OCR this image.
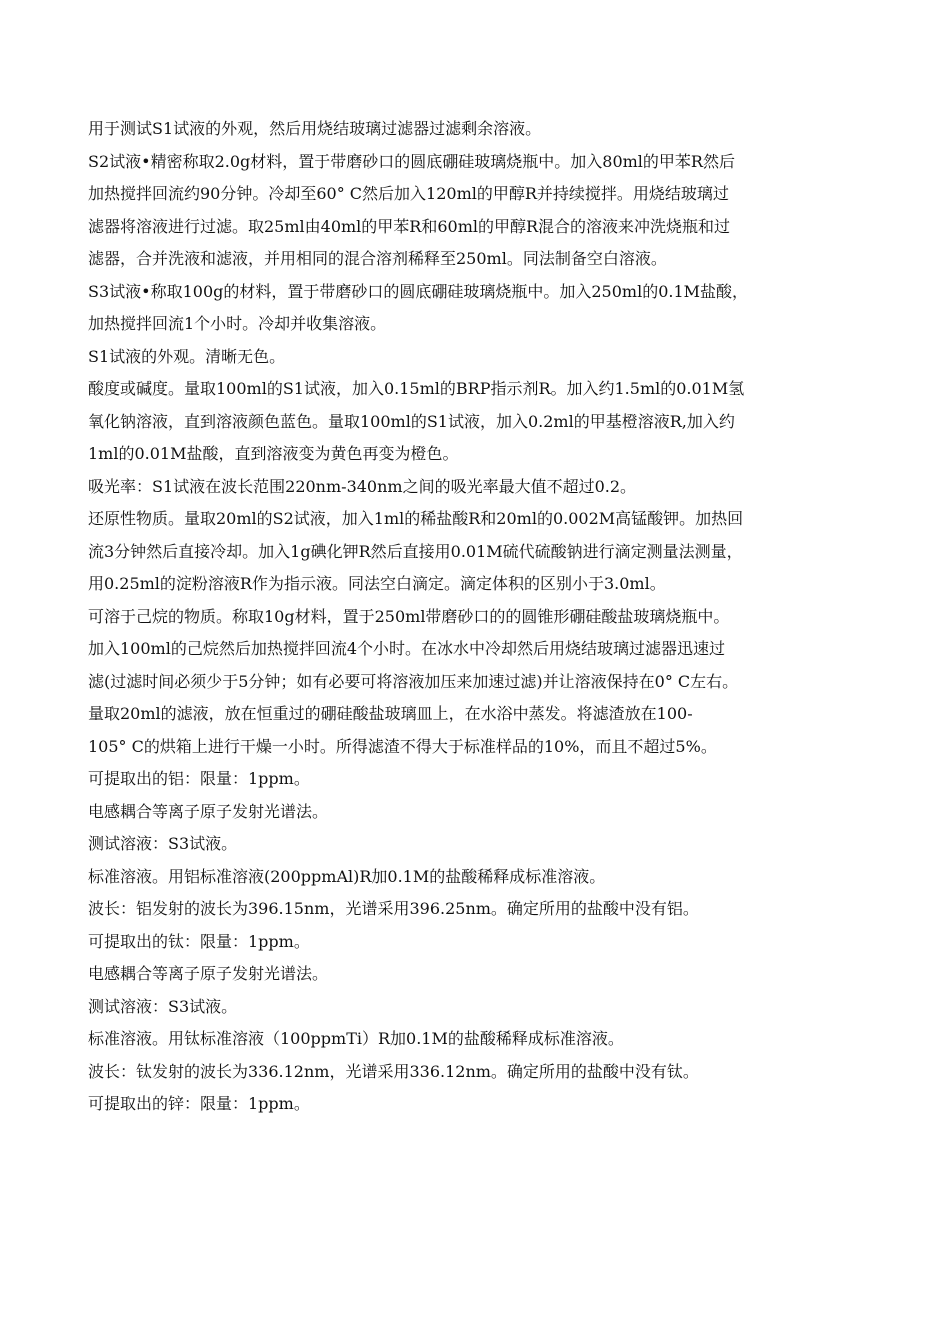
用于测试S1试液的外观，然后用烧结玻璃过滤器过滤剩余溶液。
S2试液•精密称取2.0g材料，置于带磨砂口的圆底硼硅玻璃烧瓶中。加入80ml的甲苯R然后
加热搅拌回流约90分钟。冷却至60° C然后加入120ml的甲醇R并持续搅拌。用烧结玻璃过
滤器将溶液进行过滤。取25ml由40ml的甲苯R和60ml的甲醇R混合的溶液来冲洗烧瓶和过
滤器，合并洗液和滤液，并用相同的混合溶剂稀释至250ml。同法制备空白溶液。
S3试液•称取100g的材料，置于带磨砂口的圆底硼硅玻璃烧瓶中。加入250ml的0.1M盐酸，
加热搅拌回流1个小时。冷却并收集溶液。
S1试液的外观。清晰无色。
酸度或碱度。量取100ml的S1试液，加入0.15ml的BRP指示剂R。加入约1.5ml的0.01M氢
氧化钠溶液，直到溶液颜色蓝色。量取100ml的S1试液，加入0.2ml的甲基橙溶液R,加入约
1ml的0.01M盐酸，直到溶液变为黄色再变为橙色。
吸光率：S1试液在波长范围220nm-340nm之间的吸光率最大值不超过0.2。
还原性物质。量取20ml的S2试液，加入1ml的稀盐酸R和20ml的0.002M高锰酸钾。加热回
流3分钟然后直接冷却。加入1g碘化钾R然后直接用0.01M硫代硫酸钠进行滴定测量法测量，
用0.25ml的淀粉溶液R作为指示液。同法空白滴定。滴定体积的区别小于3.0ml。
可溶于己烷的物质。称取10g材料，置于250ml带磨砂口的的圆锥形硼硅酸盐玻璃烧瓶中。
加入100ml的己烷然后加热搅拌回流4个小时。在冰水中冷却然后用烧结玻璃过滤器迅速过
滤(过滤时间必须少于5分钟；如有必要可将溶液加压来加速过滤)并让溶液保持在0° C左右。
量取20ml的滤液，放在恒重过的硼硅酸盐玻璃皿上，在水浴中蒸发。将滤渣放在100-
105° C的烘箱上进行干燥一小时。所得滤渣不得大于标准样品的10%，而且不超过5%。
可提取出的铝：限量：1ppm。
电感耦合等离子原子发射光谱法。
测试溶液：S3试液。
标准溶液。用铝标准溶液(200ppmAl)R加0.1M的盐酸稀释成标准溶液。
波长：铝发射的波长为396.15nm，光谱采用396.25nm。确定所用的盐酸中没有铝。
可提取出的钛：限量：1ppm。
电感耦合等离子原子发射光谱法。
测试溶液：S3试液。
标准溶液。用钛标准溶液（100ppmTi）R加0.1M的盐酸稀释成标准溶液。
波长：钛发射的波长为336.12nm，光谱采用336.12nm。确定所用的盐酸中没有钛。
可提取出的锌：限量：1ppm。
